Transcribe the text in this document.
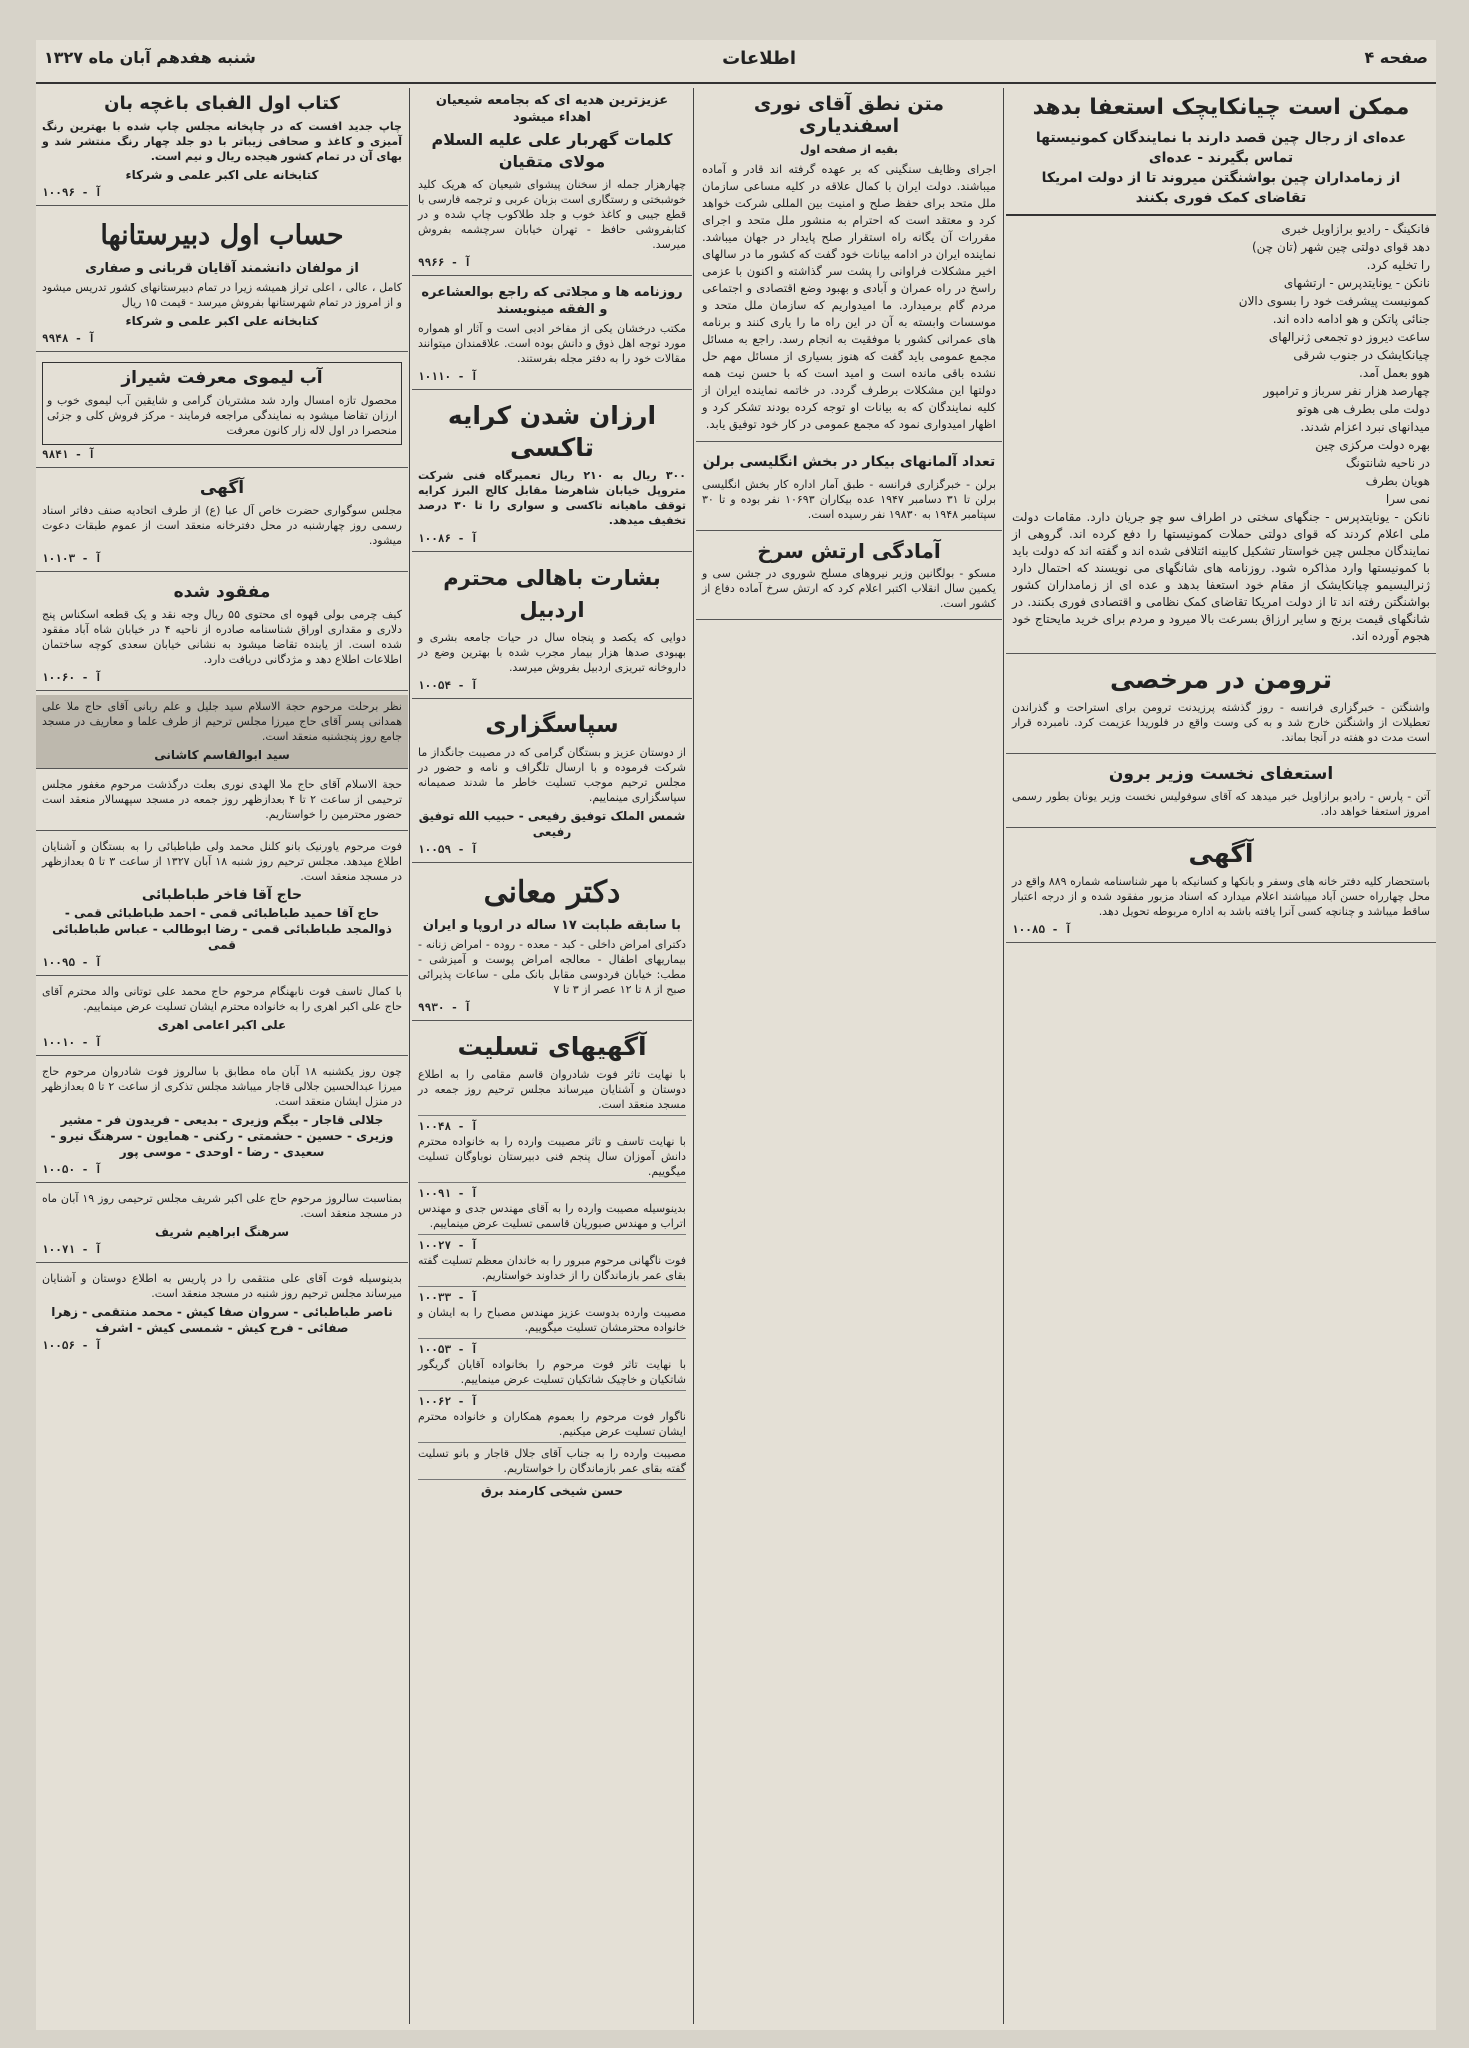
صفحه ۴
اطلاعات
شنبه هفدهم آبان ماه ۱۳۲۷
ممکن است چیانکایچک استعفا بدهد
عده‌ای از رجال چین قصد دارند با نمایندگان کمونیستها تماس بگیرند - عده‌ای
از زمامداران چین بواشنگتن میروند تا از دولت امریکا تقاضای کمک فوری بکنند
فانکینگ - رادیو برازاویل خبری
دهد قوای دولتی چین شهر (تان چن)
را تخلیه کرد.
نانکن - یونایتدپرس - ارتشهای
کمونیست پیشرفت خود را بسوی دالان
جنائی پاتکن و هو ادامه داده اند.
ساعت دیروز دو تجمعی ژنرالهای
چیانکایشک در جنوب شرقی
هوو بعمل آمد.
چهارصد هزار نفر سرباز و ترامپور
دولت ملی بطرف هی هوتو
میدانهای نبرد اعزام شدند.
بهره دولت مرکزی چین
در ناحیه شانتونگ
هویان بطرف
نمی سرا
نانکن - یونایتدپرس - جنگهای سختی در اطراف سو چو جریان دارد. مقامات دولت ملی اعلام کردند که قوای دولتی حملات کمونیستها را دفع کرده اند. گروهی از نمایندگان مجلس چین خواستار تشکیل کابینه ائتلافی شده اند و گفته اند که دولت باید با کمونیستها وارد مذاکره شود. روزنامه های شانگهای می نویسند که احتمال دارد ژنرالیسیمو چیانکایشک از مقام خود استعفا بدهد و عده ای از زمامداران کشور بواشنگتن رفته اند تا از دولت امریکا تقاضای کمک نظامی و اقتصادی فوری بکنند. در شانگهای قیمت برنج و سایر ارزاق بسرعت بالا میرود و مردم برای خرید مایحتاج خود هجوم آورده اند.
ترومن در مرخصی
واشنگتن - خبرگزاری فرانسه - روز گذشته پرزیدنت ترومن برای استراحت و گذراندن تعطیلات از واشنگتن خارج شد و به کی وست واقع در فلوریدا عزیمت کرد. نامبرده قرار است مدت دو هفته در آنجا بماند.
استعفای نخست وزیر برون
آتن - پارس - رادیو برازاویل خبر میدهد که آقای سوفولیس نخست وزیر یونان بطور رسمی امروز استعفا خواهد داد.
آگهی
باستحضار کلیه دفتر خانه های وسفر و بانکها و کسانیکه با مهر شناسنامه شماره ۸۸۹ واقع در محل چهارراه حسن آباد میباشند اعلام میدارد که اسناد مزبور مفقود شده و از درجه اعتبار ساقط میباشد و چنانچه کسی آنرا یافته باشد به اداره مربوطه تحویل دهد.
آ - ۱۰۰۸۵
متن نطق آقای نوری اسفندیاری
بقیه از صفحه اول
اجرای وظایف سنگینی که بر عهده گرفته اند قادر و آماده میباشند. دولت ایران با کمال علاقه در کلیه مساعی سازمان ملل متحد برای حفظ صلح و امنیت بین المللی شرکت خواهد کرد و معتقد است که احترام به منشور ملل متحد و اجرای مقررات آن یگانه راه استقرار صلح پایدار در جهان میباشد. نماینده ایران در ادامه بیانات خود گفت که کشور ما در سالهای اخیر مشکلات فراوانی را پشت سر گذاشته و اکنون با عزمی راسخ در راه عمران و آبادی و بهبود وضع اقتصادی و اجتماعی مردم گام برمیدارد. ما امیدواریم که سازمان ملل متحد و موسسات وابسته به آن در این راه ما را یاری کنند و برنامه های عمرانی کشور با موفقیت به انجام رسد. راجع به مسائل مجمع عمومی باید گفت که هنوز بسیاری از مسائل مهم حل نشده باقی مانده است و امید است که با حسن نیت همه دولتها این مشکلات برطرف گردد. در خاتمه نماینده ایران از کلیه نمایندگان که به بیانات او توجه کرده بودند تشکر کرد و اظهار امیدواری نمود که مجمع عمومی در کار خود توفیق یابد.
تعداد آلمانهای بیکار در بخش انگلیسی برلن
برلن - خبرگزاری فرانسه - طبق آمار اداره کار بخش انگلیسی برلن تا ۳۱ دسامبر ۱۹۴۷ عده بیکاران ۱۰۶۹۳ نفر بوده و تا ۳۰ سپتامبر ۱۹۴۸ به ۱۹۸۳۰ نفر رسیده است.
آمادگی ارتش سرخ
مسکو - بولگانین وزیر نیروهای مسلح شوروی در جشن سی و یکمین سال انقلاب اکتبر اعلام کرد که ارتش سرخ آماده دفاع از کشور است.
عزیزترین هدیه ای که بجامعه شیعیان اهداء میشود
کلمات گهربار علی علیه السلام مولای متقیان
چهارهزار جمله از سخنان پیشوای شیعیان که هریک کلید خوشبختی و رستگاری است بزبان عربی و ترجمه فارسی با قطع جیبی و کاغذ خوب و جلد طلاکوب چاپ شده و در کتابفروشی حافظ - تهران خیابان سرچشمه بفروش میرسد.
آ - ۹۹۶۶
روزنامه ها و مجلاتی که راجع بوالعشاعره و الفقه مینویسند
مکتب درخشان یکی از مفاخر ادبی است و آثار او همواره مورد توجه اهل ذوق و دانش بوده است. علاقمندان میتوانند مقالات خود را به دفتر مجله بفرستند.
آ - ۱۰۱۱۰
ارزان شدن کرایه تاکسی
۳۰۰ ریال به ۲۱۰ ریال تعمیرگاه فنی شرکت متروپل خیابان شاهرضا مقابل کالج البرز کرایه توقف ماهیانه تاکسی و سواری را تا ۳۰ درصد تخفیف میدهد.
آ - ۱۰۰۸۶
بشارت باهالی محترم اردبیل
دوایی که یکصد و پنجاه سال در حیات جامعه بشری و بهبودی صدها هزار بیمار مجرب شده با بهترین وضع در داروخانه تبریزی اردبیل بفروش میرسد.
آ - ۱۰۰۵۴
سپاسگزاری
از دوستان عزیز و بستگان گرامی که در مصیبت جانگداز ما شرکت فرموده و با ارسال تلگراف و نامه و حضور در مجلس ترحیم موجب تسلیت خاطر ما شدند صمیمانه سپاسگزاری مینماییم.
شمس الملک توفیق رفیعی - حبیب الله توفیق رفیعی
آ - ۱۰۰۵۹
دکتر معانی
با سابقه طبابت ۱۷ ساله در اروپا و ایران
دکترای امراض داخلی - کبد - معده - روده - امراض زنانه - بیماریهای اطفال - معالجه امراض پوست و آمیزشی - مطب: خیابان فردوسی مقابل بانک ملی - ساعات پذیرائی صبح از ۸ تا ۱۲ عصر از ۳ تا ۷
آ - ۹۹۳۰
آگهیهای تسلیت
با نهایت تاثر فوت شادروان قاسم مقامی را به اطلاع دوستان و آشنایان میرساند مجلس ترحیم روز جمعه در مسجد منعقد است.
آ - ۱۰۰۴۸
با نهایت تاسف و تاثر مصیبت وارده را به خانواده محترم دانش آموزان سال پنجم فنی دبیرستان نوباوگان تسلیت میگوییم.
آ - ۱۰۰۹۱
بدینوسیله مصیبت وارده را به آقای مهندس جدی و مهندس اتراب و مهندس صبوریان قاسمی تسلیت عرض مینماییم.
آ - ۱۰۰۲۷
فوت ناگهانی مرحوم مبرور را به خاندان معظم تسلیت گفته بقای عمر بازماندگان را از خداوند خواستاریم.
آ - ۱۰۰۳۳
مصیبت وارده بدوست عزیز مهندس مصباح را به ایشان و خانواده محترمشان تسلیت میگوییم.
آ - ۱۰۰۵۳
با نهایت تاثر فوت مرحوم را بخانواده آقایان گریگور شاتکیان و خاچیک شاتکیان تسلیت عرض مینماییم.
آ - ۱۰۰۶۲
ناگوار فوت مرحوم را بعموم همکاران و خانواده محترم ایشان تسلیت عرض میکنیم.
مصیبت وارده را به جناب آقای جلال قاجار و بانو تسلیت گفته بقای عمر بازماندگان را خواستاریم.
حسن شیخی کارمند برق
کتاب اول الفبای باغچه بان
چاپ جدید افست که در چاپخانه مجلس چاپ شده با بهترین رنگ آمیزی و کاغذ و صحافی زیباتر با دو جلد چهار رنگ منتشر شد و بهای آن در تمام کشور هیجده ریال و نیم است.
کتابخانه علی اکبر علمی و شرکاء
آ - ۱۰۰۹۶
حساب اول دبیرستانها
از مولفان دانشمند آقایان قربانی و صفاری
کامل ، عالی ، اعلی تراز همیشه زیرا در تمام دبیرستانهای کشور تدریس میشود و از امروز در تمام شهرستانها بفروش میرسد - قیمت ۱۵ ریال
کتابخانه علی اکبر علمی و شرکاء
آ - ۹۹۴۸
آب لیموی معرفت شیراز
محصول تازه امسال وارد شد مشتریان گرامی و شایقین آب لیموی خوب و ارزان تقاضا میشود به نمایندگی مراجعه فرمایند - مرکز فروش کلی و جزئی منحصرا در اول لاله زار کانون معرفت
آ - ۹۸۴۱
آگهی
مجلس سوگواری حضرت خاص آل عبا (ع) از طرف اتحادیه صنف دفاتر اسناد رسمی روز چهارشنبه در محل دفترخانه منعقد است از عموم طبقات دعوت میشود.
آ - ۱۰۱۰۳
مفقود شده
کیف چرمی بولی قهوه ای محتوی ۵۵ ریال وجه نقد و یک قطعه اسکناس پنج دلاری و مقداری اوراق شناسنامه صادره از ناحیه ۴ در خیابان شاه آباد مفقود شده است. از یابنده تقاضا میشود به نشانی خیابان سعدی کوچه ساختمان اطلاعات اطلاع دهد و مژدگانی دریافت دارد.
آ - ۱۰۰۶۰
نظر برحلت مرحوم حجة الاسلام سید جلیل و علم ربانی آقای حاج ملا علی همدانی پسر آقای حاج میرزا مجلس ترحیم از طرف علما و معاریف در مسجد جامع روز پنجشنبه منعقد است.
سید ابوالقاسم کاشانی
حجة الاسلام آقای حاج ملا الهدی نوری بعلت درگذشت مرحوم مغفور مجلس ترحیمی از ساعت ۲ تا ۴ بعدازظهر روز جمعه در مسجد سپهسالار منعقد است حضور محترمین را خواستاریم.
فوت مرحوم یاورنیک بانو کلنل محمد ولی طباطبائی را به بستگان و آشنایان اطلاع میدهد. مجلس ترحیم روز شنبه ۱۸ آبان ۱۳۲۷ از ساعت ۳ تا ۵ بعدازظهر در مسجد منعقد است.
حاج آقا فاخر طباطبائی
حاج آقا حمید طباطبائی قمی - احمد طباطبائی قمی - ذوالمجد طباطبائی قمی - رضا ابوطالب - عباس طباطبائی قمی
آ - ۱۰۰۹۵
با کمال تاسف فوت نابهنگام مرحوم حاج محمد علی توتانی والد محترم آقای حاج علی اکبر اهری را به خانواده محترم ایشان تسلیت عرض مینماییم.
علی اکبر اعامی اهری
آ - ۱۰۰۱۰
چون روز یکشنبه ۱۸ آبان ماه مطابق با سالروز فوت شادروان مرحوم حاج میرزا عبدالحسین جلالی قاجار میباشد مجلس تذکری از ساعت ۲ تا ۵ بعدازظهر در منزل ایشان منعقد است.
جلالی قاجار - بیگم وزیری - بدیعی - فریدون فر - مشیر وزیری - حسین - حشمتی - رکنی - همایون - سرهنگ نیرو - سعیدی - رضا - اوحدی - موسی پور
آ - ۱۰۰۵۰
بمناسبت سالروز مرحوم حاج علی اکبر شریف مجلس ترحیمی روز ۱۹ آبان ماه در مسجد منعقد است.
سرهنگ ابراهیم شریف
آ - ۱۰۰۷۱
بدینوسیله فوت آقای علی منتقمی را در پاریس به اطلاع دوستان و آشنایان میرساند مجلس ترحیم روز شنبه در مسجد منعقد است.
ناصر طباطبائی - سروان صفا کیش - محمد منتقمی - زهرا صفائی - فرح کیش - شمسی کیش - اشرف
آ - ۱۰۰۵۶
